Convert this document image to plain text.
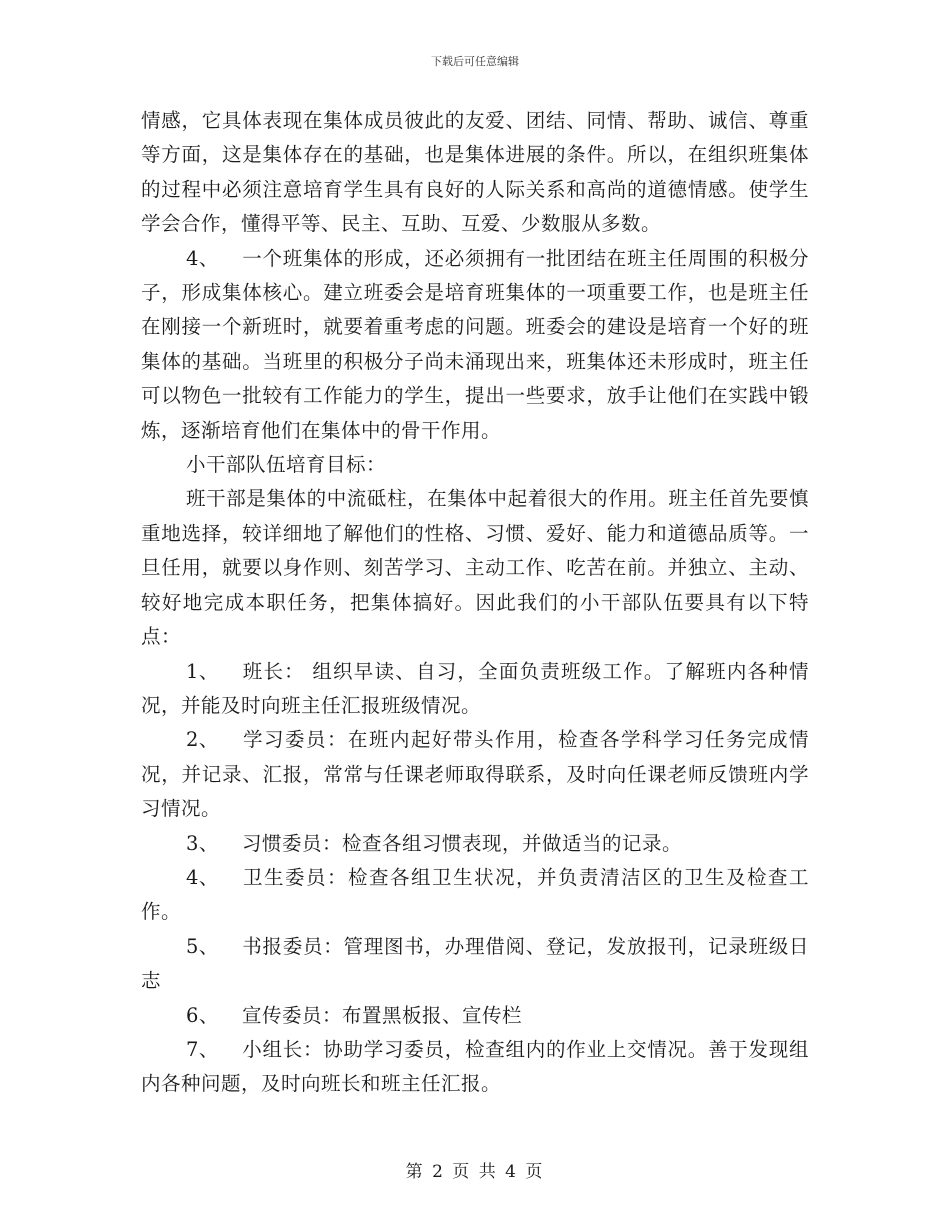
下载后可任意编辑

情感，它具体表现在集体成员彼此的友爱、团结、同情、帮助、诚信、尊重等方面，这是集体存在的基础，也是集体进展的条件。所以，在组织班集体的过程中必须注意培育学生具有良好的人际关系和高尚的道德情感。使学生学会合作，懂得平等、民主、互助、互爱、少数服从多数。

4、 一个班集体的形成，还必须拥有一批团结在班主任周围的积极分子，形成集体核心。建立班委会是培育班集体的一项重要工作，也是班主任在刚接一个新班时，就要着重考虑的问题。班委会的建设是培育一个好的班集体的基础。当班里的积极分子尚未涌现出来，班集体还未形成时，班主任可以物色一批较有工作能力的学生，提出一些要求，放手让他们在实践中锻炼，逐渐培育他们在集体中的骨干作用。

小干部队伍培育目标：

班干部是集体的中流砥柱，在集体中起着很大的作用。班主任首先要慎重地选择，较详细地了解他们的性格、习惯、爱好、能力和道德品质等。一旦任用，就要以身作则、刻苦学习、主动工作、吃苦在前。并独立、主动、较好地完成本职任务，把集体搞好。因此我们的小干部队伍要具有以下特点：

1、 班长： 组织早读、自习，全面负责班级工作。了解班内各种情况，并能及时向班主任汇报班级情况。

2、 学习委员：在班内起好带头作用，检查各学科学习任务完成情况，并记录、汇报，常常与任课老师取得联系，及时向任课老师反馈班内学习情况。

3、 习惯委员：检查各组习惯表现，并做适当的记录。

4、 卫生委员：检查各组卫生状况，并负责清洁区的卫生及检查工作。

5、 书报委员：管理图书，办理借阅、登记，发放报刊，记录班级日志

6、 宣传委员：布置黑板报、宣传栏

7、 小组长：协助学习委员，检查组内的作业上交情况。善于发现组内各种问题，及时向班长和班主任汇报。

第 2 页 共 4 页
